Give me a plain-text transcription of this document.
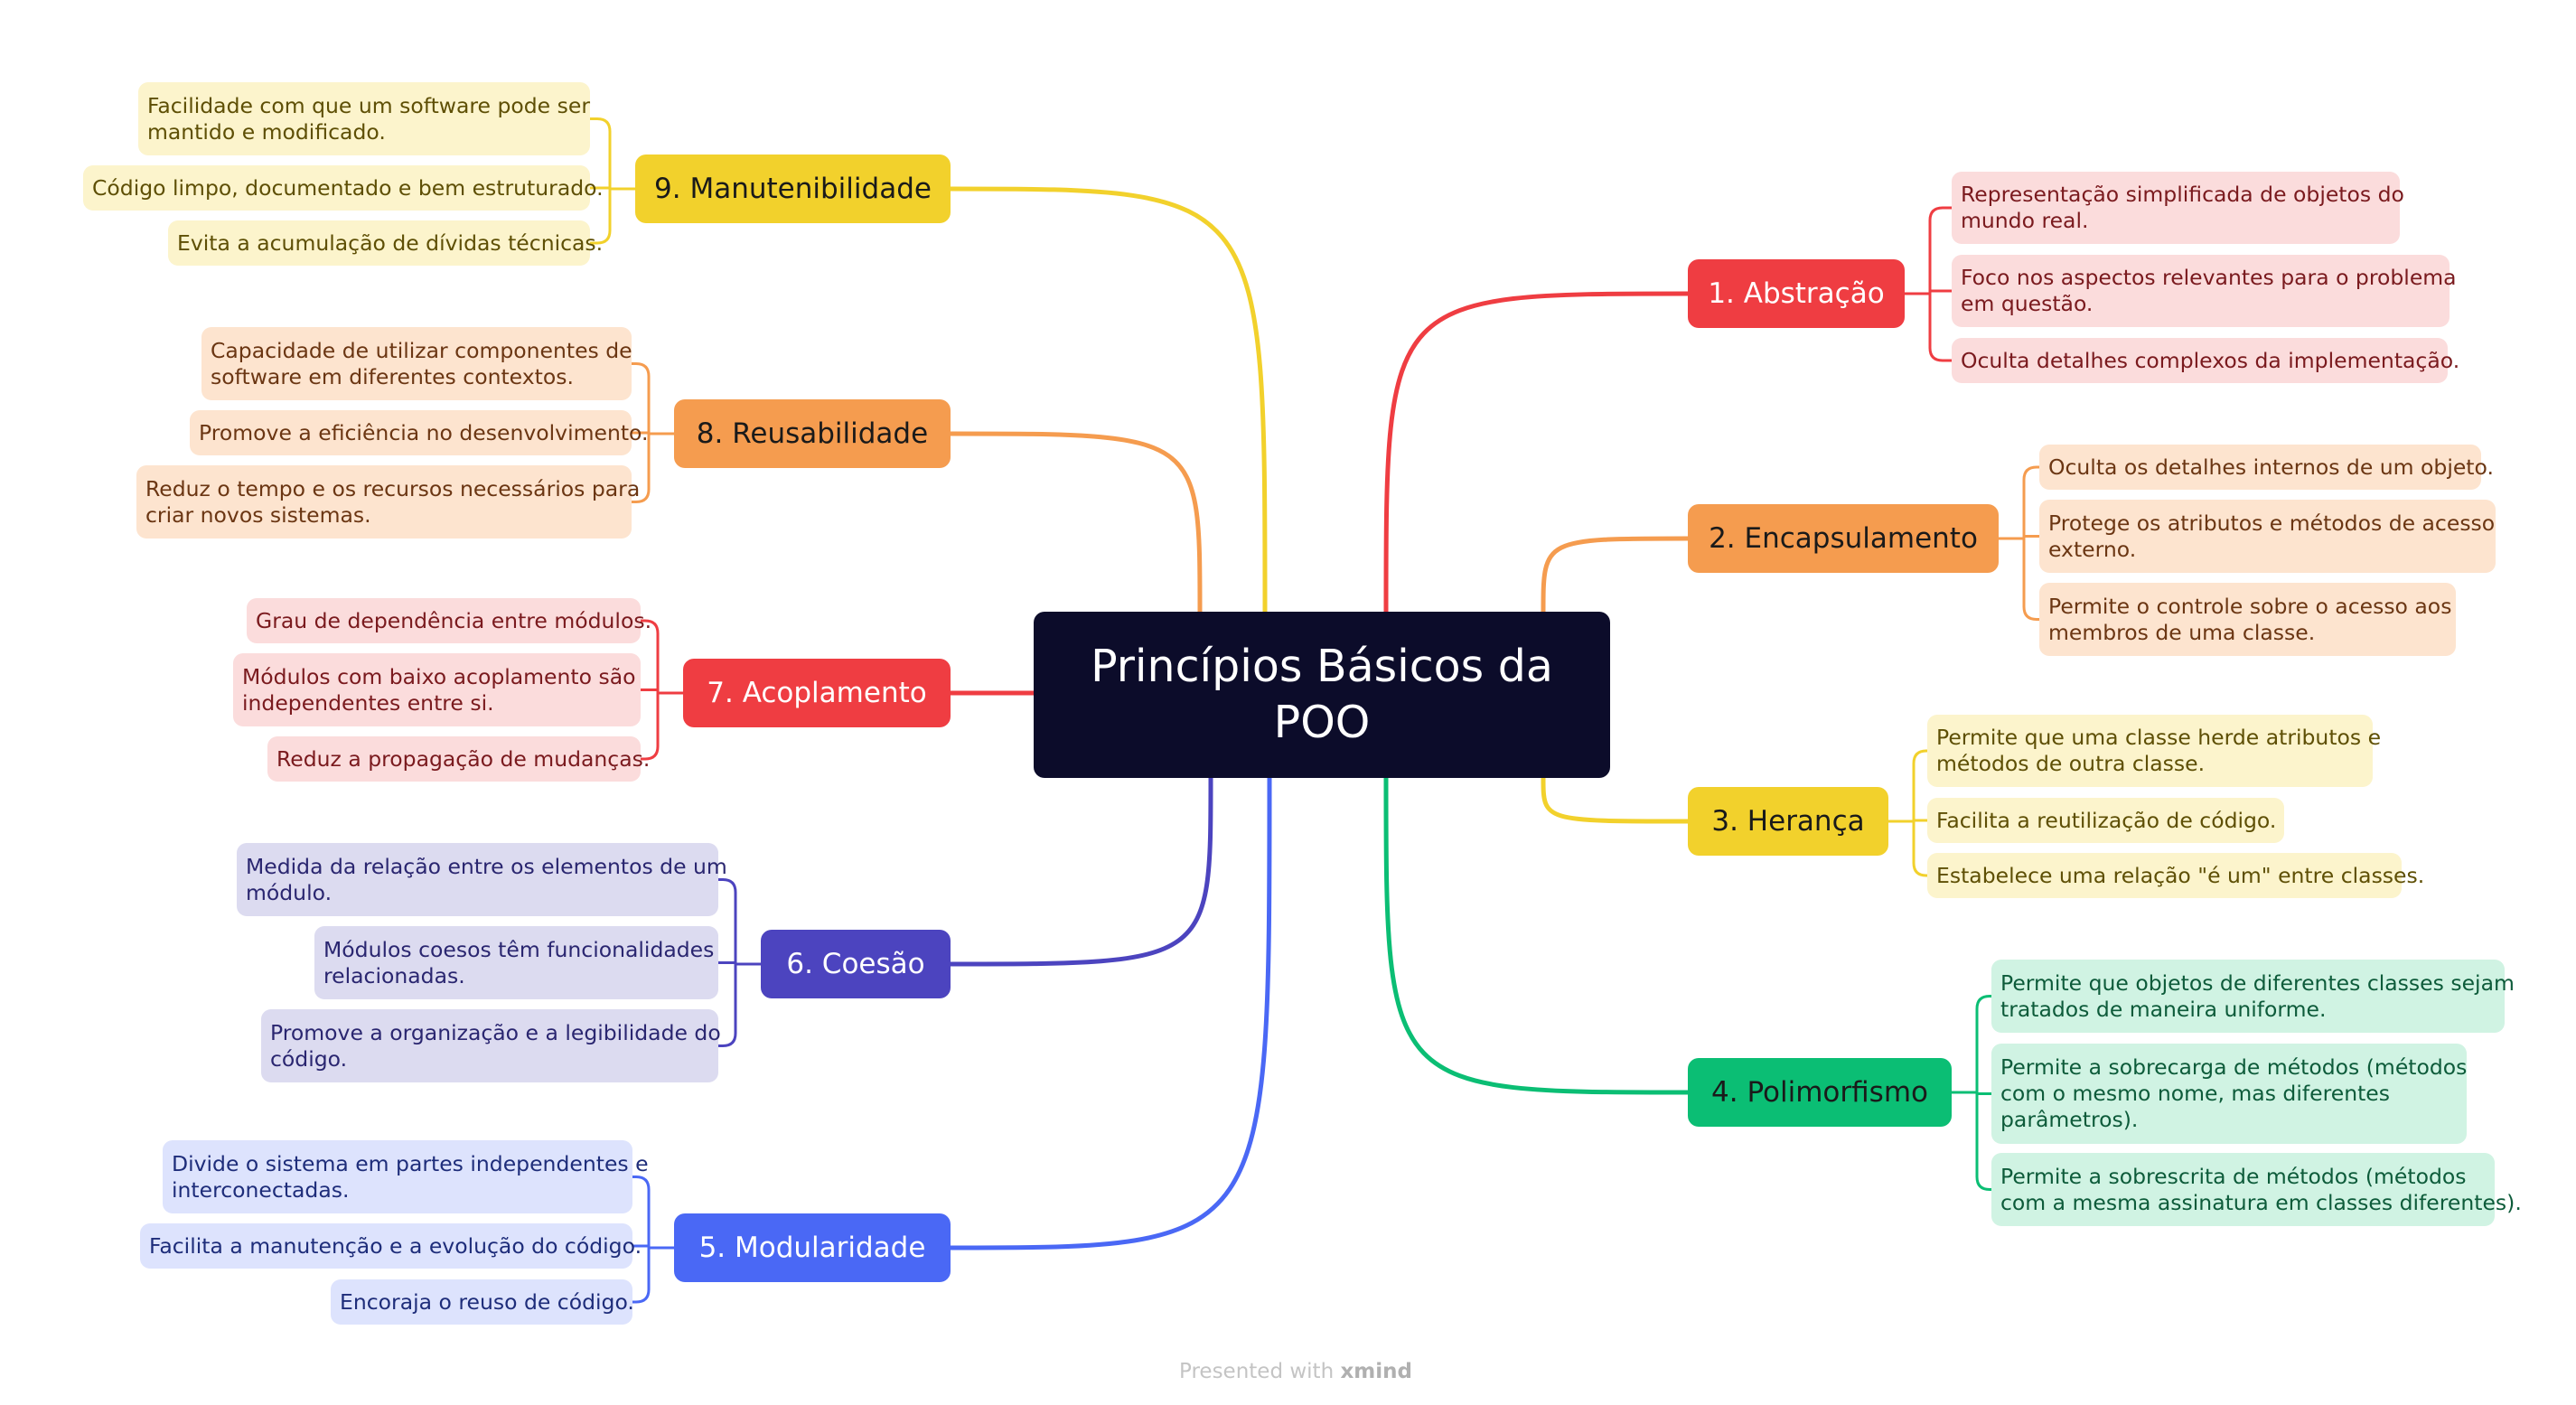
Princípios Básicos da
POO
1. Abstração
Representação simplificada de objetos do
mundo real.
Foco nos aspectos relevantes para o problema
em questão.
Oculta detalhes complexos da implementação.
2. Encapsulamento
Oculta os detalhes internos de um objeto.
Protege os atributos e métodos de acesso
externo.
Permite o controle sobre o acesso aos
membros de uma classe.
3. Herança
Permite que uma classe herde atributos e
métodos de outra classe.
Facilita a reutilização de código.
Estabelece uma relação "é um" entre classes.
4. Polimorfismo
Permite que objetos de diferentes classes sejam
tratados de maneira uniforme.
Permite a sobrecarga de métodos (métodos
com o mesmo nome, mas diferentes
parâmetros).
Permite a sobrescrita de métodos (métodos
com a mesma assinatura em classes diferentes).
5. Modularidade
Divide o sistema em partes independentes e
interconectadas.
Facilita a manutenção e a evolução do código.
Encoraja o reuso de código.
6. Coesão
Medida da relação entre os elementos de um
módulo.
Módulos coesos têm funcionalidades
relacionadas.
Promove a organização e a legibilidade do
código.
7. Acoplamento
Grau de dependência entre módulos.
Módulos com baixo acoplamento são
independentes entre si.
Reduz a propagação de mudanças.
8. Reusabilidade
Capacidade de utilizar componentes de
software em diferentes contextos.
Promove a eficiência no desenvolvimento.
Reduz o tempo e os recursos necessários para
criar novos sistemas.
9. Manutenibilidade
Facilidade com que um software pode ser
mantido e modificado.
Código limpo, documentado e bem estruturado.
Evita a acumulação de dívidas técnicas.
Presented with xmind
